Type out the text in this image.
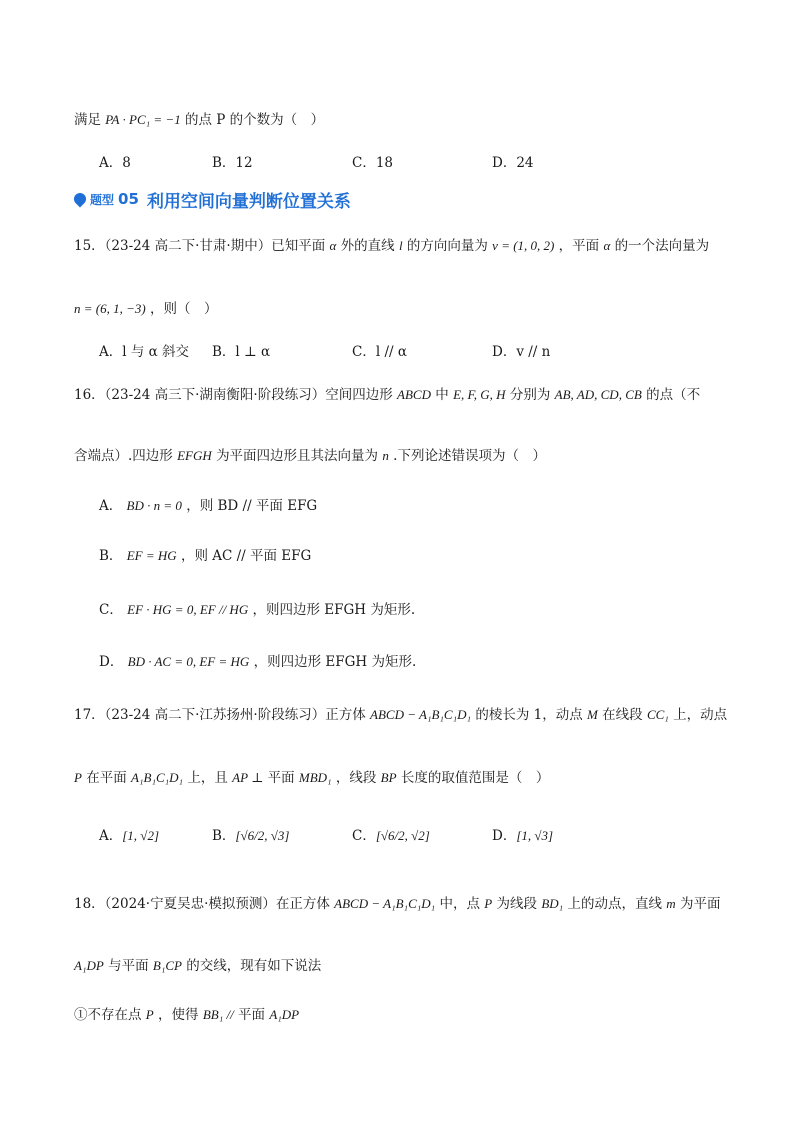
满足 PA · PC₁ = −1 的点 P 的个数为（　）
A．8	B．12	C．18	D．24
题型 05 利用空间向量判断位置关系
15．（23-24 高二下·甘肃·期中）已知平面 α 外的直线 l 的方向向量为 v = (1, 0, 2) ，平面 α 的一个法向量为
n = (6, 1, −3) ，则（　）
A．l 与 α 斜交 B．l ⊥ α	C．l // α	D．v // n
16．（23-24 高三下·湖南衡阳·阶段练习）空间四边形 ABCD 中 E, F, G, H 分别为 AB, AD, CD, CB 的点（不
含端点）.四边形 EFGH 为平面四边形且其法向量为 n .下列论述错误项为（　）
A． BD · n = 0 ，则 BD // 平面 EFG
B． EF = HG ，则 AC // 平面 EFG
C． EF · HG = 0, EF // HG ，则四边形 EFGH 为矩形.
D． BD · AC = 0, EF = HG ，则四边形 EFGH 为矩形.
17．（23-24 高二下·江苏扬州·阶段练习）正方体 ABCD − A₁B₁C₁D₁ 的棱长为 1，动点 M 在线段 CC₁ 上，动点
P 在平面 A₁B₁C₁D₁ 上，且 AP ⊥ 平面 MBD₁ ，线段 BP 长度的取值范围是（　）
A．[1, √2]	B．[√6/2, √3]	C．[√6/2, √2]	D．[1, √3]
18．（2024·宁夏吴忠·模拟预测）在正方体 ABCD − A₁B₁C₁D₁ 中，点 P 为线段 BD₁ 上的动点，直线 m 为平面
A₁DP 与平面 B₁CP 的交线，现有如下说法
①不存在点 P ，使得 BB₁ // 平面 A₁DP
